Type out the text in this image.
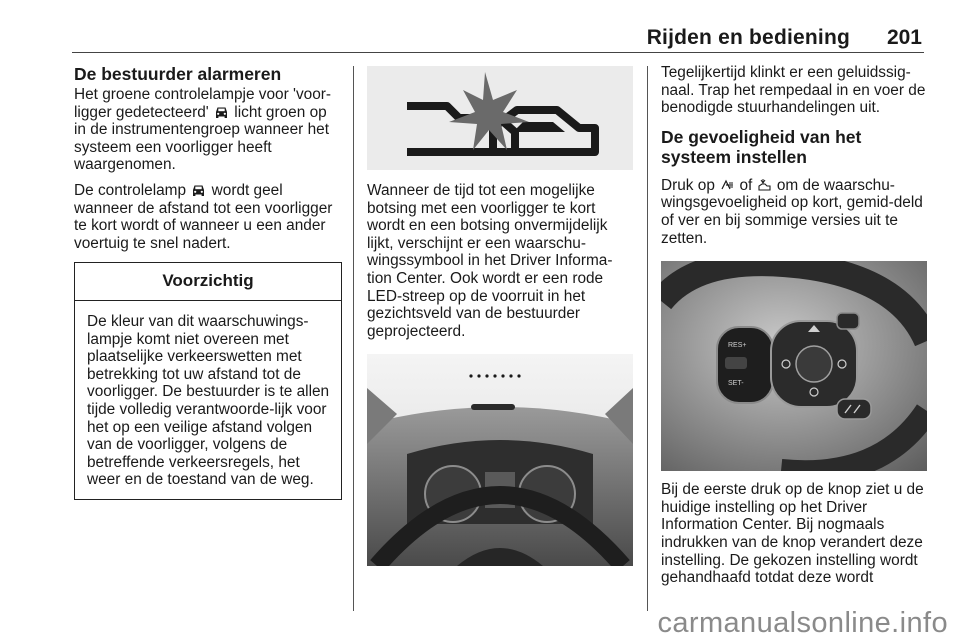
Rijden en bediening 201
De bestuurder alarmeren

Het groene controlelampje voor 'voor-ligger gedetecteerd' licht groen op in de instrumentengroep wanneer het systeem een voorligger heeft waargenomen.

De controlelamp wordt geel wanneer de afstand tot een voorligger te kort wordt of wanneer u een ander voertuig te snel nadert.

Voorzichtig

De kleur van dit waarschuwings-lampje komt niet overeen met plaatselijke verkeerswetten met betrekking tot uw afstand tot de voorligger. De bestuurder is te allen tijde volledig verantwoorde-lijk voor het op een veilige afstand volgen van de voorligger, volgens de betreffende verkeersregels, het weer en de toestand van de weg.

Wanneer de tijd tot een mogelijke botsing met een voorligger te kort wordt en een botsing onvermijdelijk lijkt, verschijnt er een waarschu-wingssymbool in het Driver Informa-tion Center. Ook wordt er een rode LED-streep op de voorruit in het gezichtsveld van de bestuurder geprojecteerd.

Tegelijkertijd klinkt er een geluidssig-naal. Trap het rempedaal in en voer de benodigde stuurhandelingen uit.

De gevoeligheid van het systeem instellen

Druk op of om de waarschu-wingsgevoeligheid op kort, gemid-deld of ver en bij sommige versies uit te zetten.

RES+
SET-

Bij de eerste druk op de knop ziet u de huidige instelling op het Driver Information Center. Bij nogmaals indrukken van de knop verandert deze instelling. De gekozen instelling wordt gehandhaafd totdat deze wordt

carmanualsonline.info
